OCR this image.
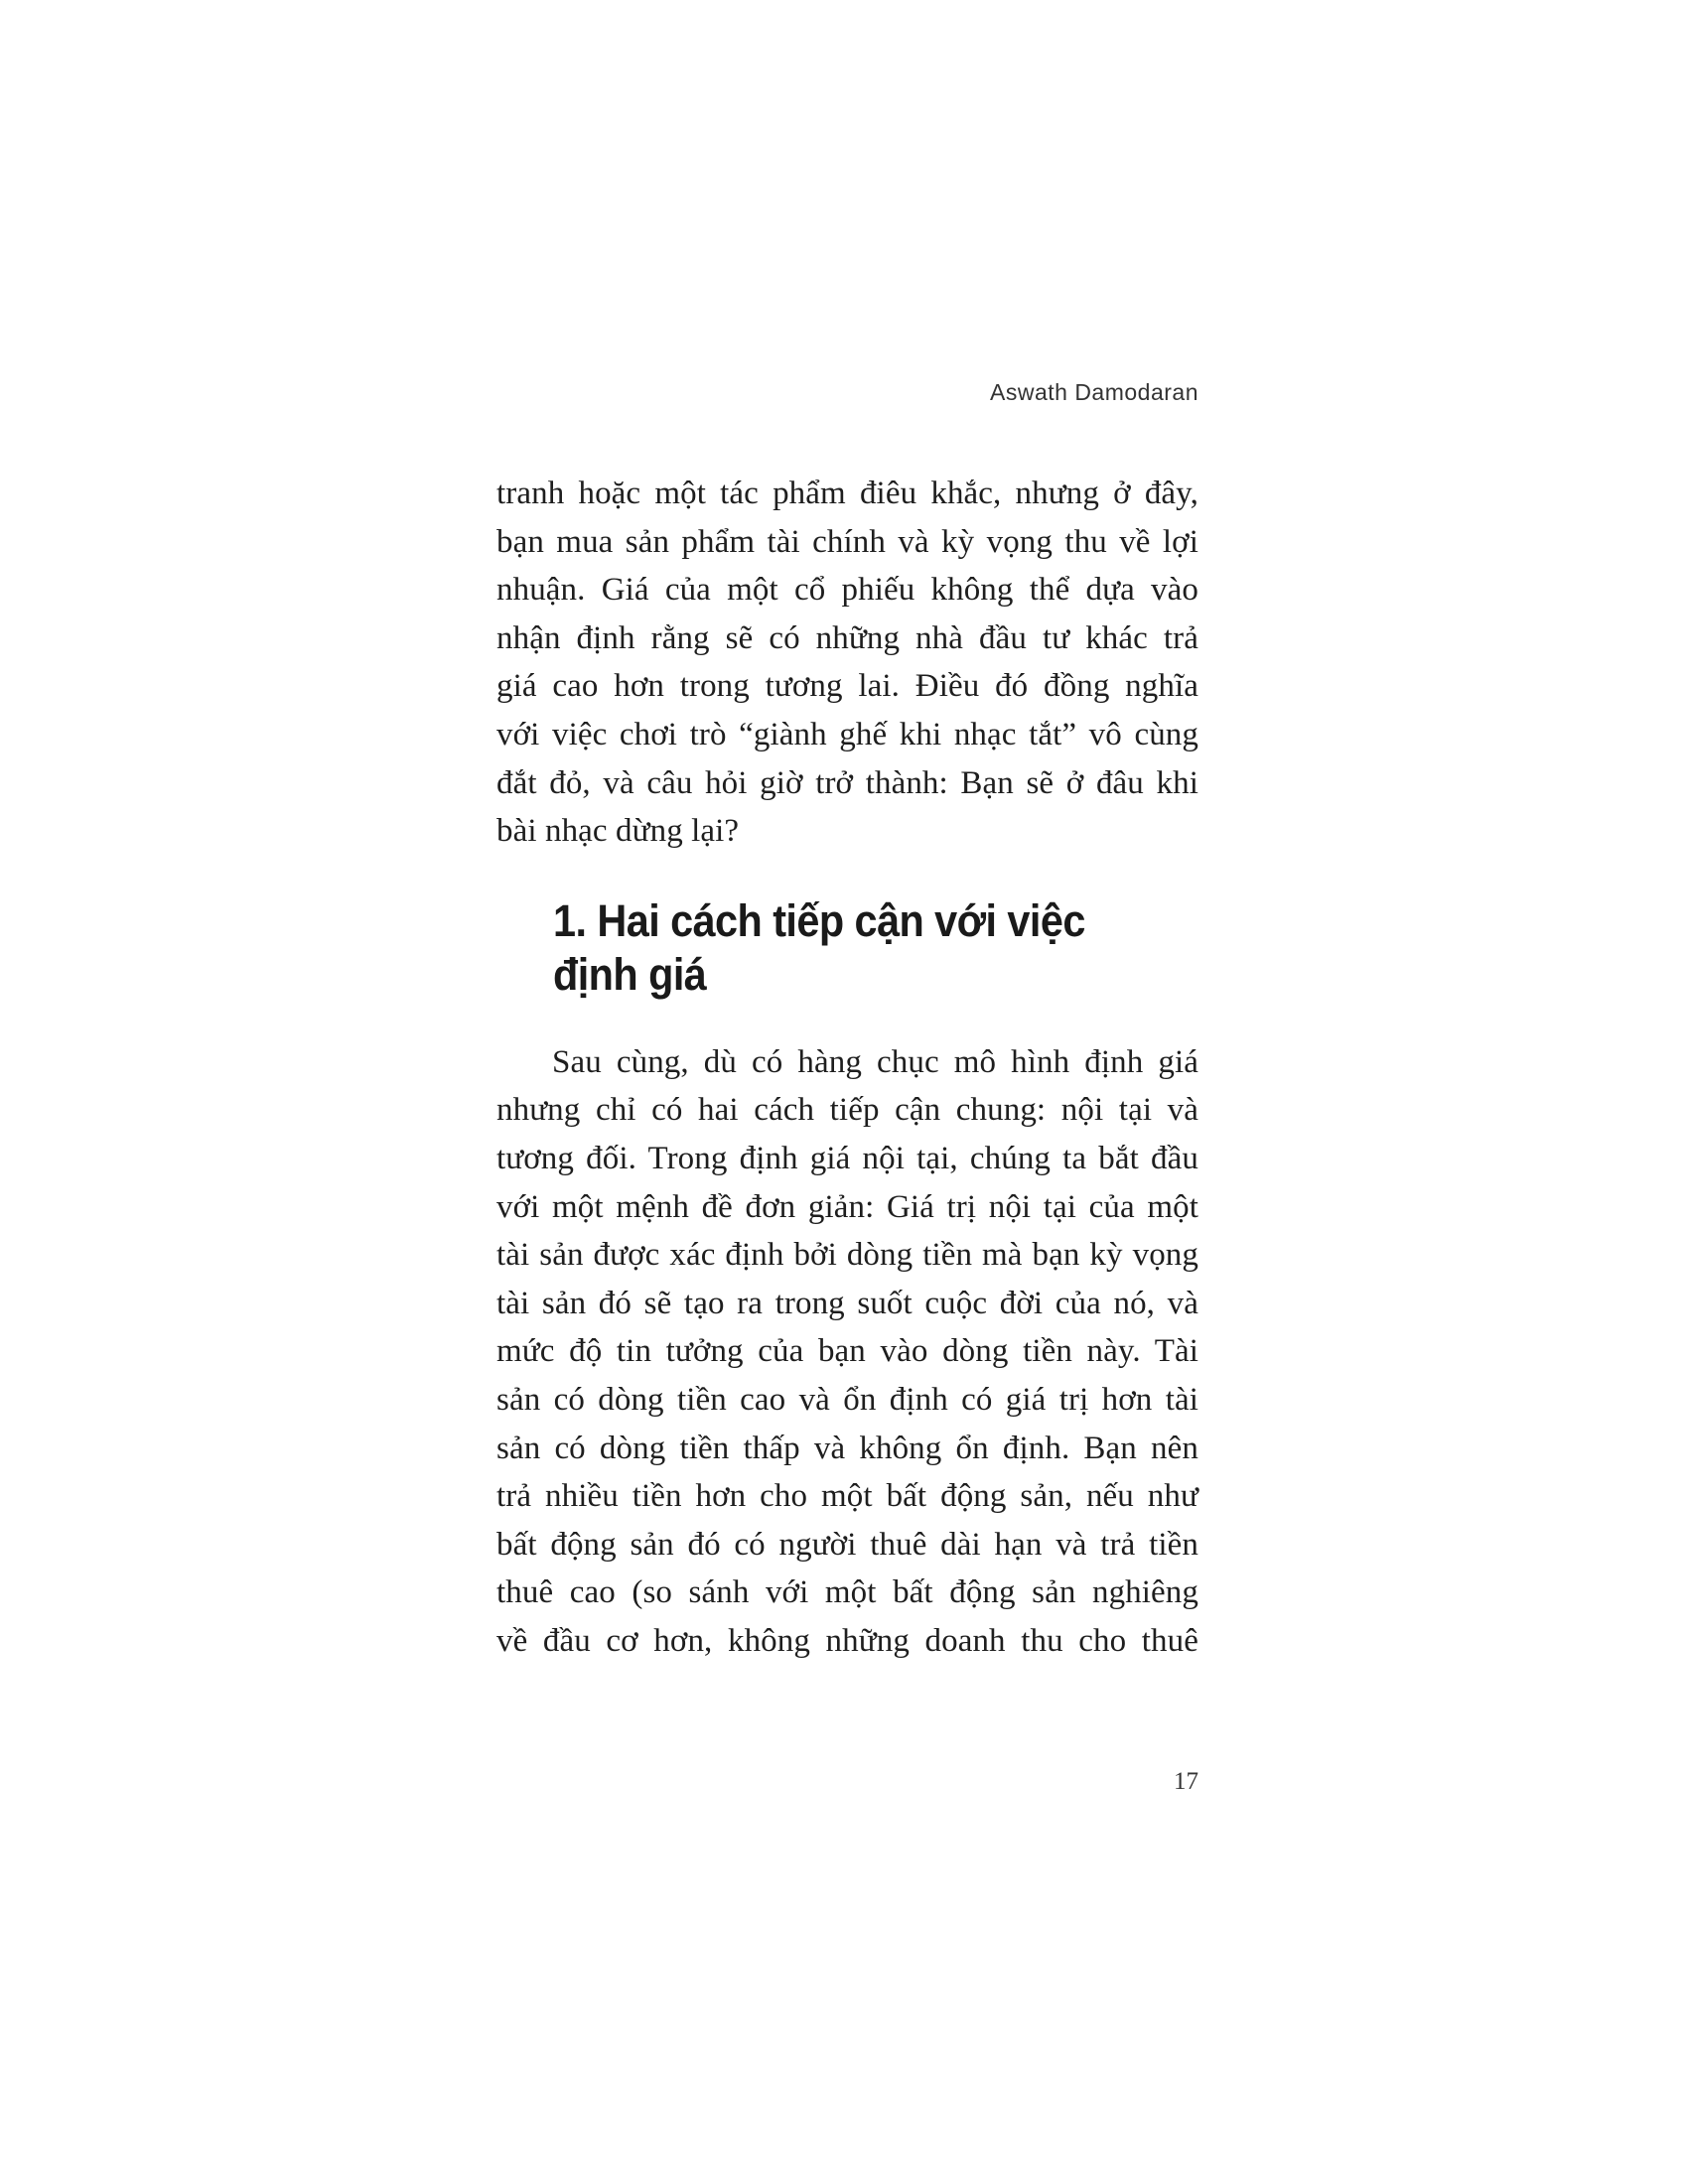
Aswath Damodaran

tranh hoặc một tác phẩm điêu khắc, nhưng ở đây,
bạn mua sản phẩm tài chính và kỳ vọng thu về lợi
nhuận. Giá của một cổ phiếu không thể dựa vào
nhận định rằng sẽ có những nhà đầu tư khác trả
giá cao hơn trong tương lai. Điều đó đồng nghĩa
với việc chơi trò “giành ghế khi nhạc tắt” vô cùng
đắt đỏ, và câu hỏi giờ trở thành: Bạn sẽ ở đâu khi
bài nhạc dừng lại?

1. Hai cách tiếp cận với việc
định giá

Sau cùng, dù có hàng chục mô hình định giá
nhưng chỉ có hai cách tiếp cận chung: nội tại và
tương đối. Trong định giá nội tại, chúng ta bắt đầu
với một mệnh đề đơn giản: Giá trị nội tại của một
tài sản được xác định bởi dòng tiền mà bạn kỳ vọng
tài sản đó sẽ tạo ra trong suốt cuộc đời của nó, và
mức độ tin tưởng của bạn vào dòng tiền này. Tài
sản có dòng tiền cao và ổn định có giá trị hơn tài
sản có dòng tiền thấp và không ổn định. Bạn nên
trả nhiều tiền hơn cho một bất động sản, nếu như
bất động sản đó có người thuê dài hạn và trả tiền
thuê cao (so sánh với một bất động sản nghiêng
về đầu cơ hơn, không những doanh thu cho thuê

17
